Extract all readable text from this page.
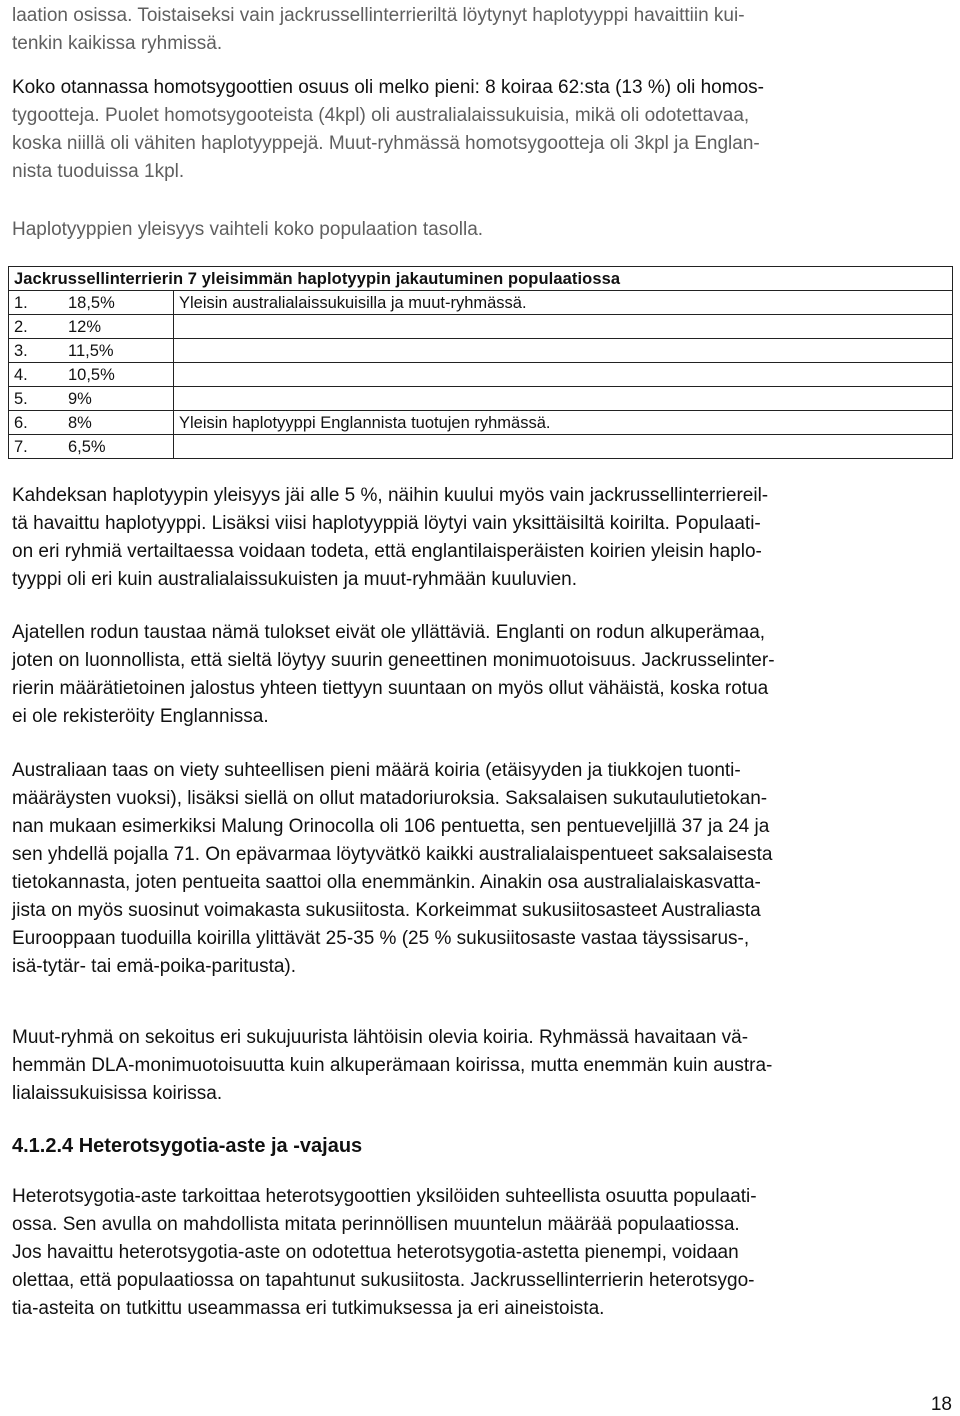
laation osissa. Toistaiseksi vain jackrussellinterrieriltä löytynyt haplotyyppi havaittiin kui-
tenkin kaikissa ryhmissä.

Koko otannassa homotsygoottien osuus oli melko pieni: 8 koiraa 62:sta (13 %) oli homos-
tygootteja. Puolet homotsygooteista (4kpl) oli australialaissukuisia, mikä oli odotettavaa,
koska niillä oli vähiten haplotyyppejä. Muut-ryhmässä homotsygootteja oli 3kpl ja Englan-
nista tuoduissa 1kpl.

Haplotyyppien yleisyys vaihteli koko populaation tasolla.

Jackrussellinterrierin 7 yleisimmän haplotyypin jakautuminen populaatiossa		
1.	18,5%	Yleisin australialaissukuisilla ja muut-ryhmässä.
2.	12%	
3.	11,5%	
4.	10,5%	
5.	9%	
6.	8%	Yleisin haplotyyppi Englannista tuotujen ryhmässä.
7.	6,5%	

Kahdeksan haplotyypin yleisyys jäi alle 5 %, näihin kuului myös vain jackrussellinterriereil-
tä havaittu haplotyyppi. Lisäksi viisi haplotyyppiä löytyi vain yksittäisiltä koirilta. Populaati-
on eri ryhmiä vertailtaessa voidaan todeta, että englantilaisperäisten koirien yleisin haplo-
tyyppi oli eri kuin australialaissukuisten ja muut-ryhmään kuuluvien.

Ajatellen rodun taustaa nämä tulokset eivät ole yllättäviä. Englanti on rodun alkuperämaa,
joten on luonnollista, että sieltä löytyy suurin geneettinen monimuotoisuus. Jackrusselinter-
rierin määrätietoinen jalostus yhteen tiettyyn suuntaan on myös ollut vähäistä, koska rotua
ei ole rekisteröity Englannissa.

Australiaan taas on viety suhteellisen pieni määrä koiria (etäisyyden ja tiukkojen tuonti-
määräysten vuoksi), lisäksi siellä on ollut matadoriuroksia. Saksalaisen sukutaulutietokan-
nan mukaan esimerkiksi Malung Orinocolla oli 106 pentuetta, sen pentueveljillä 37 ja 24 ja
sen yhdellä pojalla 71. On epävarmaa löytyvätkö kaikki australialaispentueet saksalaisesta
tietokannasta, joten pentueita saattoi olla enemmänkin. Ainakin osa australialaiskasvatta-
jista on myös suosinut voimakasta sukusiitosta. Korkeimmat sukusiitosasteet Australiasta
Eurooppaan tuoduilla koirilla ylittävät 25-35 % (25 % sukusiitosaste vastaa täyssisarus-,
isä-tytär- tai emä-poika-paritusta).

Muut-ryhmä on sekoitus eri sukujuurista lähtöisin olevia koiria. Ryhmässä havaitaan vä-
hemmän DLA-monimuotoisuutta kuin alkuperämaan koirissa, mutta enemmän kuin austra-
lialaissukuisissa koirissa.

4.1.2.4 Heterotsygotia-aste ja -vajaus

Heterotsygotia-aste tarkoittaa heterotsygoottien yksilöiden suhteellista osuutta populaati-
ossa. Sen avulla on mahdollista mitata perinnöllisen muuntelun määrää populaatiossa.
Jos havaittu heterotsygotia-aste on odotettua heterotsygotia-astetta pienempi, voidaan
olettaa, että populaatiossa on tapahtunut sukusiitosta. Jackrussellinterrierin heterotsygo-
tia-asteita on tutkittu useammassa eri tutkimuksessa ja eri aineistoista.

18
